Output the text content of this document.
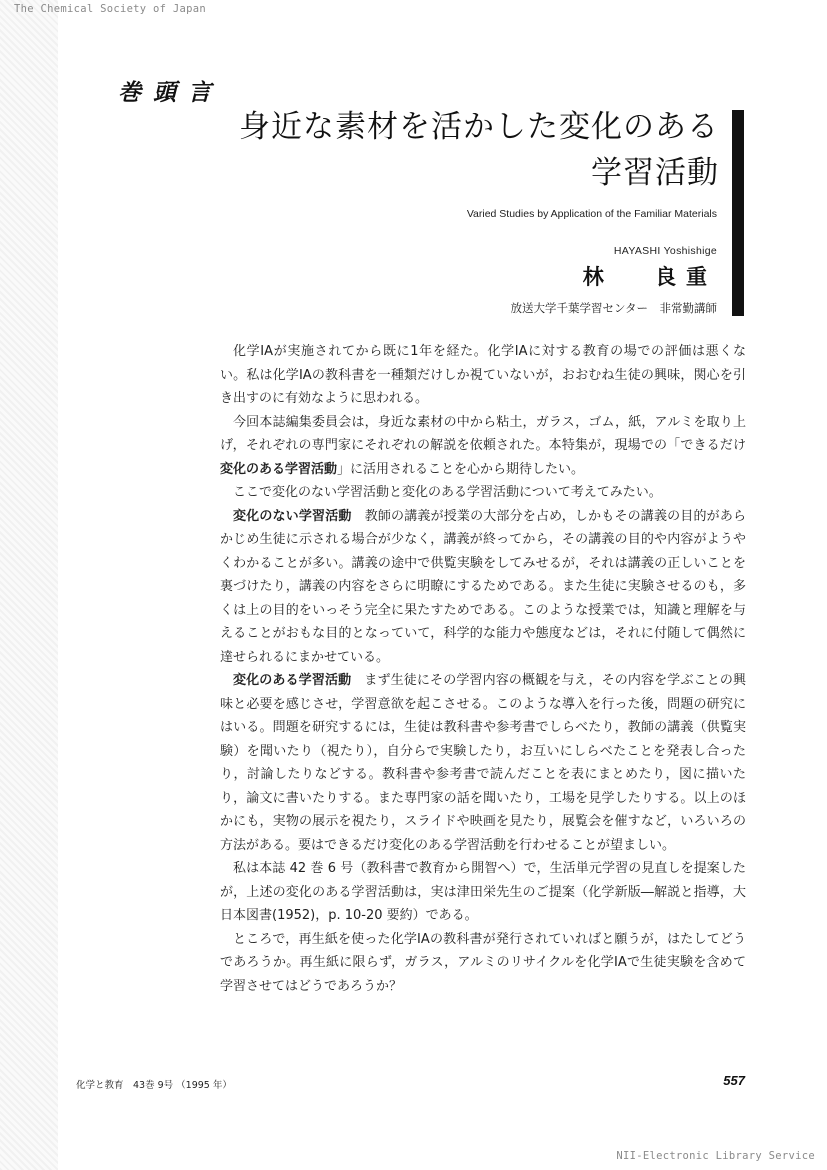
The Chemical Society of Japan
巻頭言
身近な素材を活かした変化のある
学習活動
Varied Studies by Application of the Familiar Materials
HAYASHI Yoshishige
林 良重
放送大学千葉学習センター　非常勤講師

化学IAが実施されてから既に1年を経た。化学IAに対する教育の場での評価は悪くない。私は化学IAの教科書を一種類だけしか視ていないが，おおむね生徒の興味，関心を引き出すのに有効なように思われる。

今回本誌編集委員会は，身近な素材の中から粘土，ガラス，ゴム，紙，アルミを取り上げ，それぞれの専門家にそれぞれの解説を依頼された。本特集が，現場での「できるだけ変化のある学習活動」に活用されることを心から期待したい。

ここで変化のない学習活動と変化のある学習活動について考えてみたい。

変化のない学習活動　教師の講義が授業の大部分を占め，しかもその講義の目的があらかじめ生徒に示される場合が少なく，講義が終ってから，その講義の目的や内容がようやくわかることが多い。講義の途中で供覧実験をしてみせるが，それは講義の正しいことを裏づけたり，講義の内容をさらに明瞭にするためである。また生徒に実験させるのも，多くは上の目的をいっそう完全に果たすためである。このような授業では，知識と理解を与えることがおもな目的となっていて，科学的な能力や態度などは，それに付随して偶然に達せられるにまかせている。

変化のある学習活動　まず生徒にその学習内容の概観を与え，その内容を学ぶことの興味と必要を感じさせ，学習意欲を起こさせる。このような導入を行った後，問題の研究にはいる。問題を研究するには，生徒は教科書や参考書でしらべたり，教師の講義（供覧実験）を聞いたり（視たり），自分らで実験したり，お互いにしらべたことを発表し合ったり，討論したりなどする。教科書や参考書で読んだことを表にまとめたり，図に描いたり，論文に書いたりする。また専門家の話を聞いたり，工場を見学したりする。以上のほかにも，実物の展示を視たり，スライドや映画を見たり，展覧会を催すなど，いろいろの方法がある。要はできるだけ変化のある学習活動を行わせることが望ましい。

私は本誌 42 巻 6 号（教科書で教育から開智へ）で，生活単元学習の見直しを提案したが，上述の変化のある学習活動は，実は津田栄先生のご提案（化学新版―解説と指導，大日本図書(1952)，p. 10-20 要約）である。

ところで，再生紙を使った化学IAの教科書が発行されていればと願うが，はたしてどうであろうか。再生紙に限らず，ガラス，アルミのリサイクルを化学IAで生徒実験を含めて学習させてはどうであろうか？

化学と教育　43巻 9号 （1995 年）	557
NII-Electronic Library Service
